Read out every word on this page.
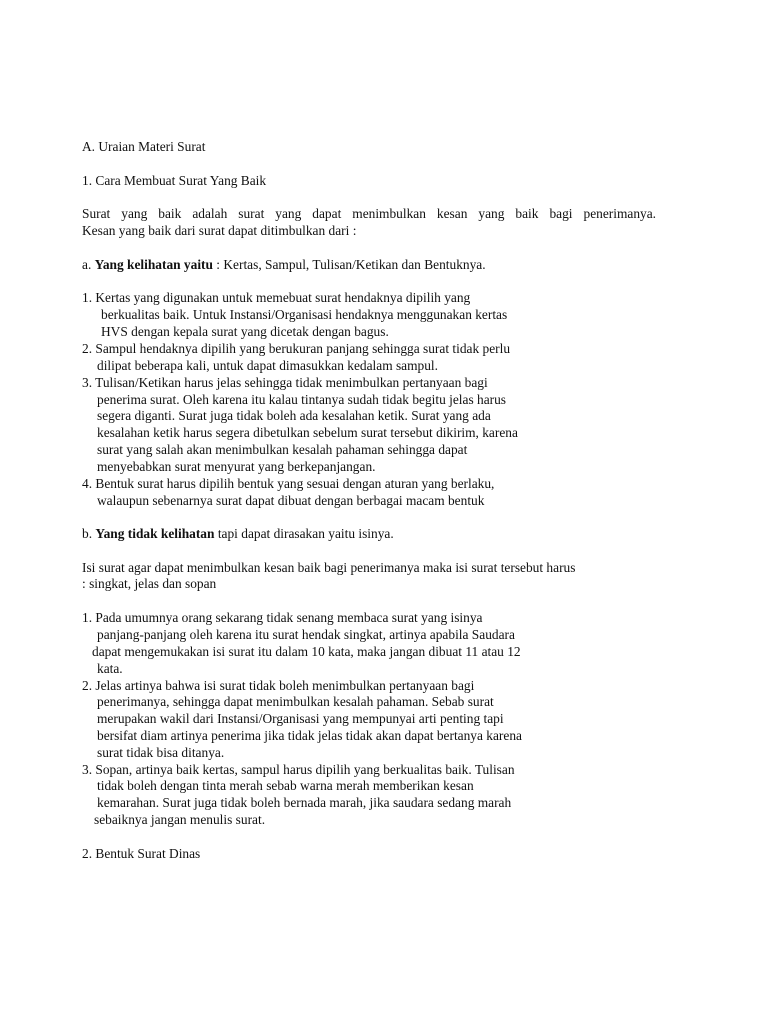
A. Uraian Materi Surat
1. Cara Membuat Surat Yang Baik
Surat yang baik adalah surat yang dapat menimbulkan kesan yang baik bagi penerimanya.
Kesan yang baik dari surat dapat ditimbulkan dari :
a. Yang kelihatan yaitu : Kertas, Sampul, Tulisan/Ketikan dan Bentuknya.
1. Kertas yang digunakan untuk memebuat surat hendaknya dipilih yang
berkualitas baik. Untuk Instansi/Organisasi hendaknya menggunakan kertas
HVS dengan kepala surat yang dicetak dengan bagus.
2. Sampul hendaknya dipilih yang berukuran panjang sehingga surat tidak perlu
dilipat beberapa kali, untuk dapat dimasukkan kedalam sampul.
3. Tulisan/Ketikan harus jelas sehingga tidak menimbulkan pertanyaan bagi
penerima surat. Oleh karena itu kalau tintanya sudah tidak begitu jelas harus
segera diganti. Surat juga tidak boleh ada kesalahan ketik. Surat yang ada
kesalahan ketik harus segera dibetulkan sebelum surat tersebut dikirim, karena
surat yang salah akan menimbulkan kesalah pahaman sehingga dapat
menyebabkan surat menyurat yang berkepanjangan.
4. Bentuk surat harus dipilih bentuk yang sesuai dengan aturan yang berlaku,
walaupun sebenarnya surat dapat dibuat dengan berbagai macam bentuk
b. Yang tidak kelihatan tapi dapat dirasakan yaitu isinya.
Isi surat agar dapat menimbulkan kesan baik bagi penerimanya maka isi surat tersebut harus
: singkat, jelas dan sopan
1. Pada umumnya orang sekarang tidak senang membaca surat yang isinya
panjang-panjang oleh karena itu surat hendak singkat, artinya apabila Saudara
dapat mengemukakan isi surat itu dalam 10 kata, maka jangan dibuat 11 atau 12
kata.
2. Jelas artinya bahwa isi surat tidak boleh menimbulkan pertanyaan bagi
penerimanya, sehingga dapat menimbulkan kesalah pahaman. Sebab surat
merupakan wakil dari Instansi/Organisasi yang mempunyai arti penting tapi
bersifat diam artinya penerima jika tidak jelas tidak akan dapat bertanya karena
surat tidak bisa ditanya.
3. Sopan, artinya baik kertas, sampul harus dipilih yang berkualitas baik. Tulisan
tidak boleh dengan tinta merah sebab warna merah memberikan kesan
kemarahan. Surat juga tidak boleh bernada marah, jika saudara sedang marah
sebaiknya jangan menulis surat.
2. Bentuk Surat Dinas
